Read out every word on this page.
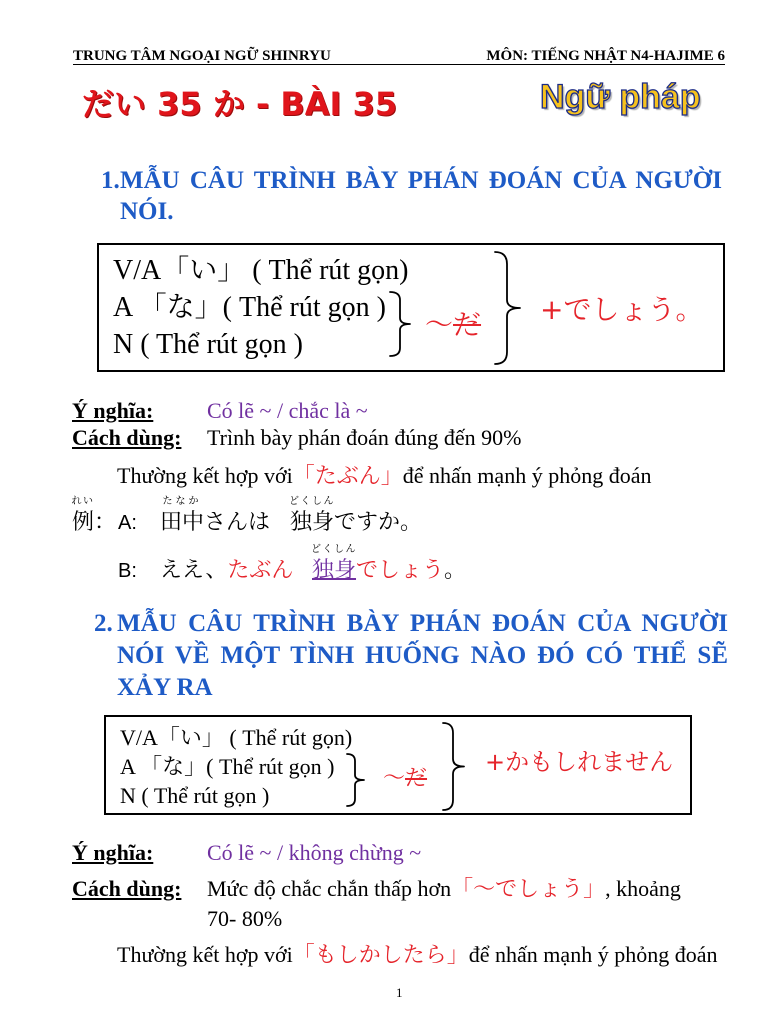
TRUNG TÂM NGOẠI NGỮ SHINRYU	MÔN: TIẾNG NHẬT N4-HAJIME 6
だい 35 か - BÀI 35	Ngữ pháp
1. MẪU CÂU TRÌNH BÀY PHÁN ĐOÁN CỦA NGƯỜI
NÓI.
V/A「い」 ( Thể rút gọn)
A 「な」( Thể rút gọn )
N ( Thể rút gọn )
～だ +でしょう。
Ý nghĩa: Có lẽ ~ / chắc là ~
Cách dùng: Trình bày phán đoán đúng đến 90%
Thường kết hợp với「たぶん」để nhấn mạnh ý phỏng đoán
れい
例： A:
たなか
田中さんは
どくしん
独身ですか。
B: ええ、たぶん
どくしん
独身でしょう。
2. MẪU CÂU TRÌNH BÀY PHÁN ĐOÁN CỦA NGƯỜI
NÓI VỀ MỘT TÌNH HUỐNG NÀO ĐÓ CÓ THỂ SẼ
XẢY RA
V/A「い」 ( Thể rút gọn)
A 「な」( Thể rút gọn )
N ( Thể rút gọn )
～だ
+かもしれません
Ý nghĩa: Có lẽ ~ / không chừng ~
Cách dùng: Mức độ chắc chắn thấp hơn「～でしょう」, khoảng
70- 80%
Thường kết hợp với「もしかしたら」để nhấn mạnh ý phỏng đoán
1
